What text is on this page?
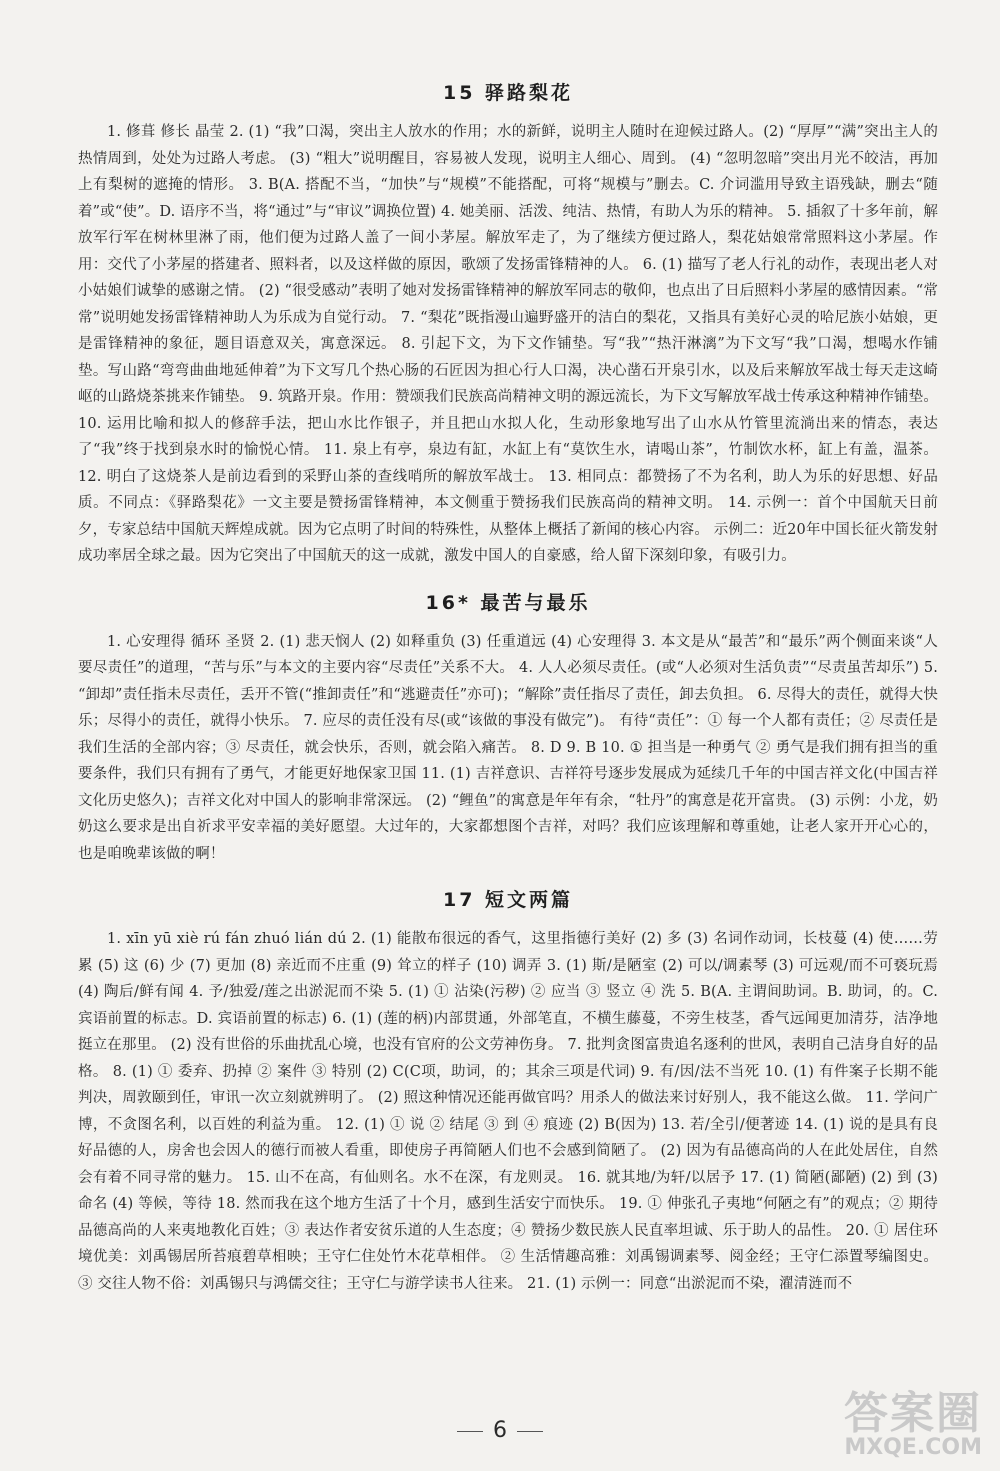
15 驿路梨花

1. 修葺 修长 晶莹 2. (1) “我”口渴，突出主人放水的作用；水的新鲜，说明主人随时在迎候过路人。(2) “厚厚”“满”突出主人的热情周到，处处为过路人考虑。 (3) “粗大”说明醒目，容易被人发现，说明主人细心、周到。 (4) “忽明忽暗”突出月光不皎洁，再加上有梨树的遮掩的情形。 3. B(A. 搭配不当，“加快”与“规模”不能搭配，可将“规模与”删去。C. 介词滥用导致主语残缺，删去“随着”或“使”。D. 语序不当，将“通过”与“审议”调换位置) 4. 她美丽、活泼、纯洁、热情，有助人为乐的精神。 5. 插叙了十多年前，解放军行军在树林里淋了雨，他们便为过路人盖了一间小茅屋。解放军走了，为了继续方便过路人，梨花姑娘常常照料这小茅屋。作用：交代了小茅屋的搭建者、照料者，以及这样做的原因，歌颂了发扬雷锋精神的人。 6. (1) 描写了老人行礼的动作，表现出老人对小姑娘们诚挚的感谢之情。 (2) “很受感动”表明了她对发扬雷锋精神的解放军同志的敬仰，也点出了日后照料小茅屋的感情因素。“常常”说明她发扬雷锋精神助人为乐成为自觉行动。 7. “梨花”既指漫山遍野盛开的洁白的梨花，又指具有美好心灵的哈尼族小姑娘，更是雷锋精神的象征，题目语意双关，寓意深远。 8. 引起下文，为下文作铺垫。写“我”“热汗淋漓”为下文写“我”口渴，想喝水作铺垫。写山路“弯弯曲曲地延伸着”为下文写几个热心肠的石匠因为担心行人口渴，决心凿石开泉引水，以及后来解放军战士每天走这崎岖的山路烧茶挑来作铺垫。 9. 筑路开泉。作用：赞颂我们民族高尚精神文明的源远流长，为下文写解放军战士传承这种精神作铺垫。 10. 运用比喻和拟人的修辞手法，把山水比作银子，并且把山水拟人化，生动形象地写出了山水从竹管里流淌出来的情态，表达了“我”终于找到泉水时的愉悦心情。 11. 泉上有亭，泉边有缸，水缸上有“莫饮生水，请喝山茶”，竹制饮水杯，缸上有盖，温茶。 12. 明白了这烧茶人是前边看到的采野山茶的查线哨所的解放军战士。 13. 相同点：都赞扬了不为名利，助人为乐的好思想、好品质。不同点：《驿路梨花》一文主要是赞扬雷锋精神，本文侧重于赞扬我们民族高尚的精神文明。 14. 示例一：首个中国航天日前夕，专家总结中国航天辉煌成就。因为它点明了时间的特殊性，从整体上概括了新闻的核心内容。 示例二：近20年中国长征火箭发射成功率居全球之最。因为它突出了中国航天的这一成就，激发中国人的自豪感，给人留下深刻印象，有吸引力。

16* 最苦与最乐

1. 心安理得 循环 圣贤 2. (1) 悲天悯人 (2) 如释重负 (3) 任重道远 (4) 心安理得 3. 本文是从“最苦”和“最乐”两个侧面来谈“人要尽责任”的道理，“苦与乐”与本文的主要内容“尽责任”关系不大。 4. 人人必须尽责任。(或“人必须对生活负责”“尽责虽苦却乐”) 5. “卸却”责任指未尽责任，丢开不管(“推卸责任”和“逃避责任”亦可)；“解除”责任指尽了责任，卸去负担。 6. 尽得大的责任，就得大快乐；尽得小的责任，就得小快乐。 7. 应尽的责任没有尽(或“该做的事没有做完”)。 有待“责任”：① 每一个人都有责任；② 尽责任是我们生活的全部内容；③ 尽责任，就会快乐，否则，就会陷入痛苦。 8. D 9. B 10. ① 担当是一种勇气 ② 勇气是我们拥有担当的重要条件，我们只有拥有了勇气，才能更好地保家卫国 11. (1) 吉祥意识、吉祥符号逐步发展成为延续几千年的中国吉祥文化(中国吉祥文化历史悠久)；吉祥文化对中国人的影响非常深远。 (2) “鲤鱼”的寓意是年年有余，“牡丹”的寓意是花开富贵。 (3) 示例：小龙，奶奶这么要求是出自祈求平安幸福的美好愿望。大过年的，大家都想图个吉祥，对吗？我们应该理解和尊重她，让老人家开开心心的，也是咱晚辈该做的啊！

17 短文两篇

1. xīn yū xiè rú fán zhuó lián dú 2. (1) 能散布很远的香气，这里指德行美好 (2) 多 (3) 名词作动词，长枝蔓 (4) 使……劳累 (5) 这 (6) 少 (7) 更加 (8) 亲近而不庄重 (9) 耸立的样子 (10) 调弄 3. (1) 斯/是陋室 (2) 可以/调素琴 (3) 可远观/而不可亵玩焉 (4) 陶后/鲜有闻 4. 予/独爱/莲之出淤泥而不染 5. (1) ① 沾染(污秽) ② 应当 ③ 竖立 ④ 洗 5. B(A. 主谓间助词。B. 助词，的。C. 宾语前置的标志。D. 宾语前置的标志) 6. (1) (莲的柄)内部贯通，外部笔直，不横生藤蔓，不旁生枝茎，香气远闻更加清芬，洁净地挺立在那里。 (2) 没有世俗的乐曲扰乱心境，也没有官府的公文劳神伤身。 7. 批判贪图富贵追名逐利的世风，表明自己洁身自好的品格。 8. (1) ① 委弃、扔掉 ② 案件 ③ 特别 (2) C(C项，助词，的；其余三项是代词) 9. 有/因/法不当死 10. (1) 有件案子长期不能判决，周敦颐到任，审讯一次立刻就辨明了。 (2) 照这种情况还能再做官吗？用杀人的做法来讨好别人，我不能这么做。 11. 学问广博，不贪图名利，以百姓的利益为重。 12. (1) ① 说 ② 结尾 ③ 到 ④ 痕迹 (2) B(因为) 13. 若/全引/便著迹 14. (1) 说的是具有良好品德的人，房舍也会因人的德行而被人看重，即使房子再简陋人们也不会感到简陋了。 (2) 因为有品德高尚的人在此处居住，自然会有着不同寻常的魅力。 15. 山不在高，有仙则名。水不在深，有龙则灵。 16. 就其地/为轩/以居予 17. (1) 简陋(鄙陋) (2) 到 (3) 命名 (4) 等候，等待 18. 然而我在这个地方生活了十个月，感到生活安宁而快乐。 19. ① 伸张孔子夷地“何陋之有”的观点；② 期待品德高尚的人来夷地教化百姓；③ 表达作者安贫乐道的人生态度；④ 赞扬少数民族人民直率坦诚、乐于助人的品性。 20. ① 居住环境优美：刘禹锡居所苔痕碧草相映；王守仁住处竹木花草相伴。 ② 生活情趣高雅：刘禹锡调素琴、阅金经；王守仁添置琴编图史。 ③ 交往人物不俗：刘禹锡只与鸿儒交往；王守仁与游学读书人往来。 21. (1) 示例一：同意“出淤泥而不染，濯清涟而不

6	答案圈
MXQE.COM
